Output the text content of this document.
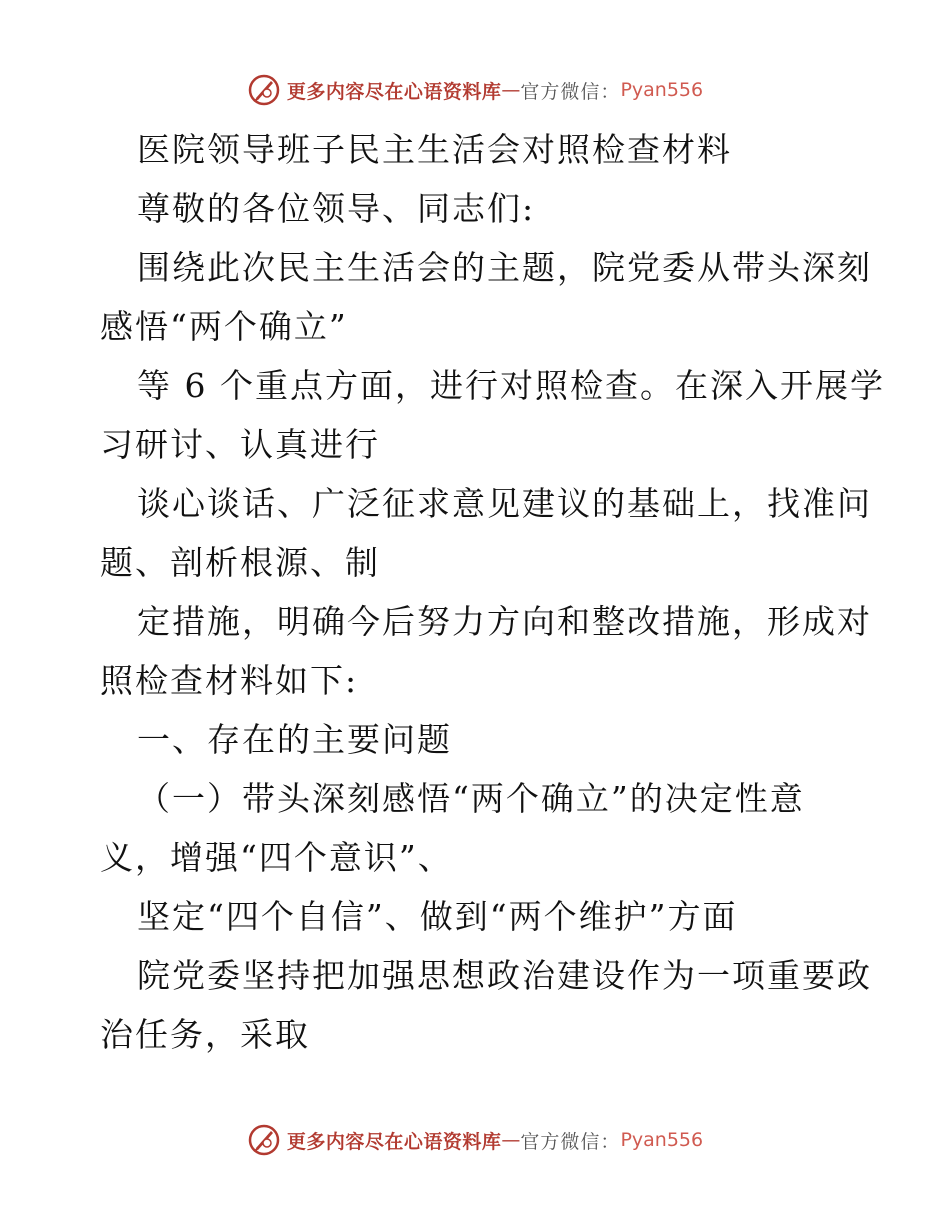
更多内容尽在心语资料库 — 官方微信： Pyan556
医院领导班子民主生活会对照检查材料
尊敬的各位领导、同志们:
围绕此次民主生活会的主题，院党委从带头深刻
感悟“两个确立”
等 6 个重点方面，进行对照检查。在深入开展学
习研讨、认真进行
谈心谈话、广泛征求意见建议的基础上，找准问
题、剖析根源、制
定措施，明确今后努力方向和整改措施，形成对
照检查材料如下:
一、存在的主要问题
（一）带头深刻感悟“两个确立”的决定性意
义，增强“四个意识”、
坚定“四个自信”、做到“两个维护”方面
院党委坚持把加强思想政治建设作为一项重要政
治任务，采取
更多内容尽在心语资料库 — 官方微信： Pyan556
